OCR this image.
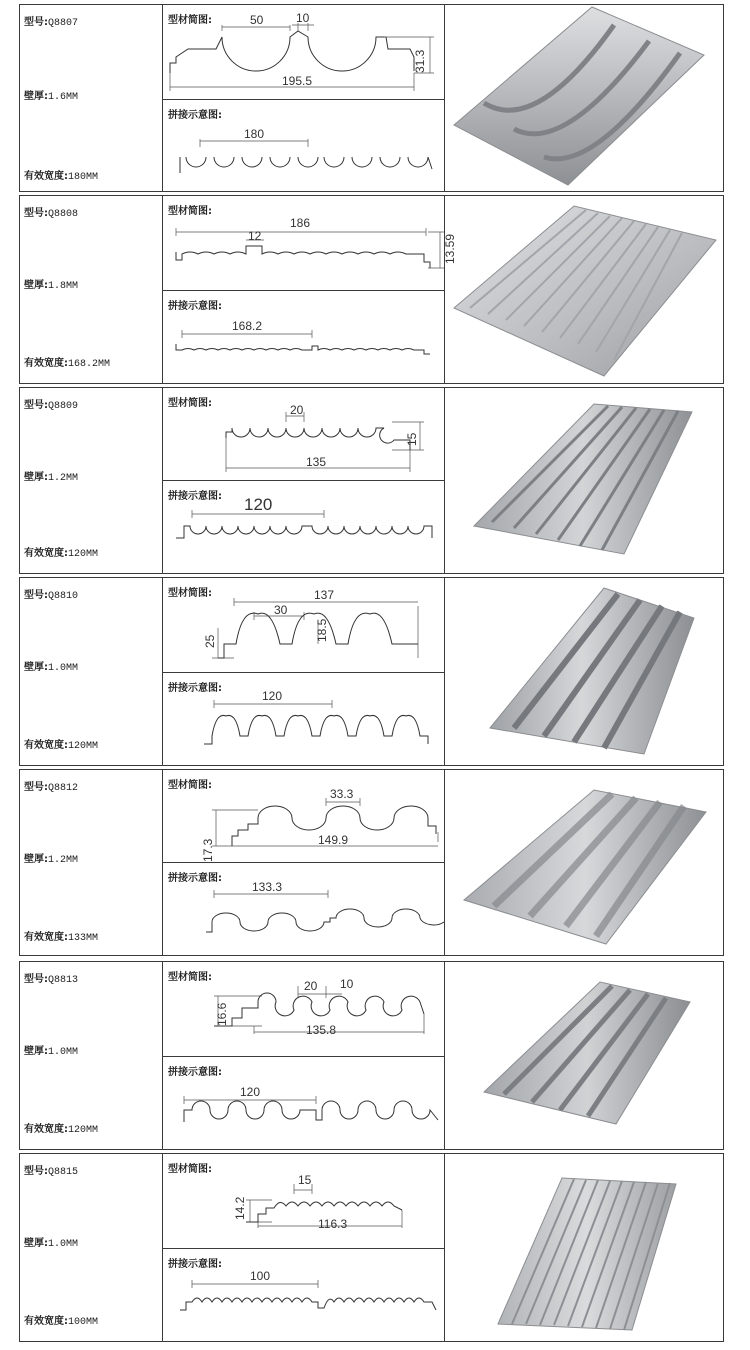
型号:Q8807
壁厚:1.6MM
有效宽度:180MM
型材简图:	50	10
31.3
195.5
拼接示意图:
180
型号:Q8808
壁厚:1.8MM
有效宽度:168.2MM
型材简图:
186
12	13.59
拼接示意图:
168.2
型号:Q8809
壁厚:1.2MM
有效宽度:120MM
型材简图:	20
15
135
拼接示意图: 120
型号:Q8810
壁厚:1.0MM
有效宽度:120MM
型材简图:	137
30
25	18.5
拼接示意图:
120
型号:Q8812
壁厚:1.2MM
有效宽度:133MM
型材简图:
33.3
17.3	149.9
拼接示意图:
133.3
型号:Q8813
壁厚:1.0MM
有效宽度:120MM
型材简图:
20 10
16.6
135.8
拼接示意图:
120
型号:Q8815
壁厚:1.0MM
有效宽度:100MM
型材简图:
15
14.2
116.3
拼接示意图:
100
